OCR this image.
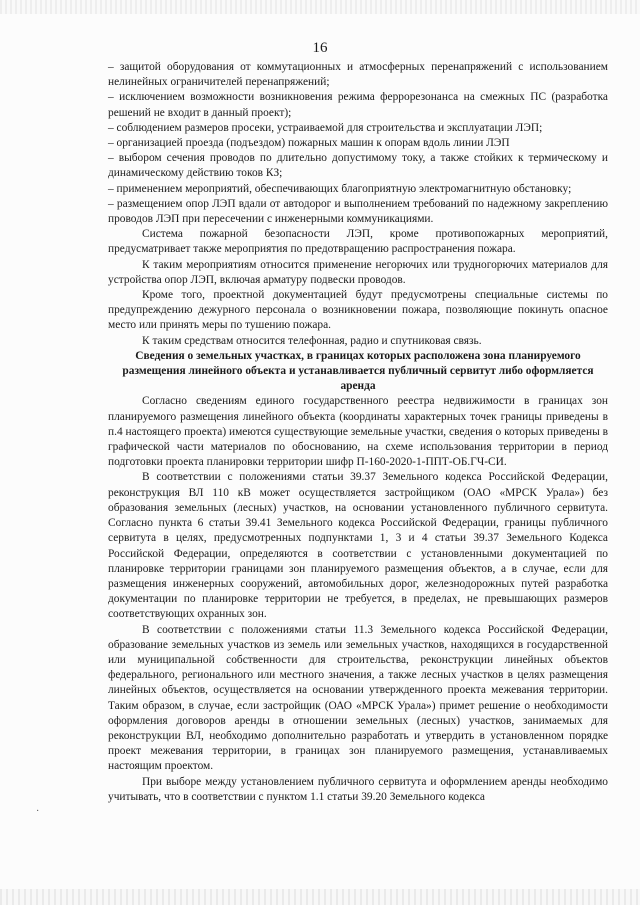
16

– защитой оборудования от коммутационных и атмосферных перенапряжений с использованием нелинейных ограничителей перенапряжений;

– исключением возможности возникновения режима феррорезонанса на смежных ПС (разработка решений не входит в данный проект);

– соблюдением размеров просеки, устраиваемой для строительства и эксплуатации ЛЭП;

– организацией проезда (подъездом) пожарных машин к опорам вдоль линии ЛЭП

– выбором сечения проводов по длительно допустимому току, а также стойких к термическому и динамическому действию токов КЗ;

– применением мероприятий, обеспечивающих благоприятную электромагнитную обстановку;

– размещением опор ЛЭП вдали от автодорог и выполнением требований по надежному закреплению проводов ЛЭП при пересечении с инженерными коммуникациями.

Система пожарной безопасности ЛЭП, кроме противопожарных мероприятий, предусматривает также мероприятия по предотвращению распространения пожара.

К таким мероприятиям относится применение негорючих или трудногорючих материалов для устройства опор ЛЭП, включая арматуру подвески проводов.

Кроме того, проектной документацией будут предусмотрены специальные системы по предупреждению дежурного персонала о возникновении пожара, позволяющие покинуть опасное место или принять меры по тушению пожара.

К таким средствам относится телефонная, радио и спутниковая связь.

Сведения о земельных участках, в границах которых расположена зона планируемого размещения линейного объекта и устанавливается публичный сервитут либо оформляется аренда

Согласно сведениям единого государственного реестра недвижимости в границах зон планируемого размещения линейного объекта (координаты характерных точек границы приведены в п.4 настоящего проекта) имеются существующие земельные участки, сведения о которых приведены в графической части материалов по обоснованию, на схеме использования территории в период подготовки проекта планировки территории шифр П-160-2020-1-ППТ-ОБ.ГЧ-СИ.

В соответствии с положениями статьи 39.37 Земельного кодекса Российской Федерации, реконструкция ВЛ 110 кВ может осуществляется застройщиком (ОАО «МРСК Урала») без образования земельных (лесных) участков, на основании установленного публичного сервитута. Согласно пункта 6 статьи 39.41 Земельного кодекса Российской Федерации, границы публичного сервитута в целях, предусмотренных подпунктами 1, 3 и 4 статьи 39.37 Земельного Кодекса Российской Федерации, определяются в соответствии с установленными документацией по планировке территории границами зон планируемого размещения объектов, а в случае, если для размещения инженерных сооружений, автомобильных дорог, железнодорожных путей разработка документации по планировке территории не требуется, в пределах, не превышающих размеров соответствующих охранных зон.

В соответствии с положениями статьи 11.3 Земельного кодекса Российской Федерации, образование земельных участков из земель или земельных участков, находящихся в государственной или муниципальной собственности для строительства, реконструкции линейных объектов федерального, регионального или местного значения, а также лесных участков в целях размещения линейных объектов, осуществляется на основании утвержденного проекта межевания территории. Таким образом, в случае, если застройщик (ОАО «МРСК Урала») примет решение о необходимости оформления договоров аренды в отношении земельных (лесных) участков, занимаемых для реконструкции ВЛ, необходимо дополнительно разработать и утвердить в установленном порядке проект межевания территории, в границах зон планируемого размещения, устанавливаемых настоящим проектом.

При выборе между установлением публичного сервитута и оформлением аренды необходимо учитывать, что в соответствии с пунктом 1.1 статьи 39.20 Земельного кодекса

·
